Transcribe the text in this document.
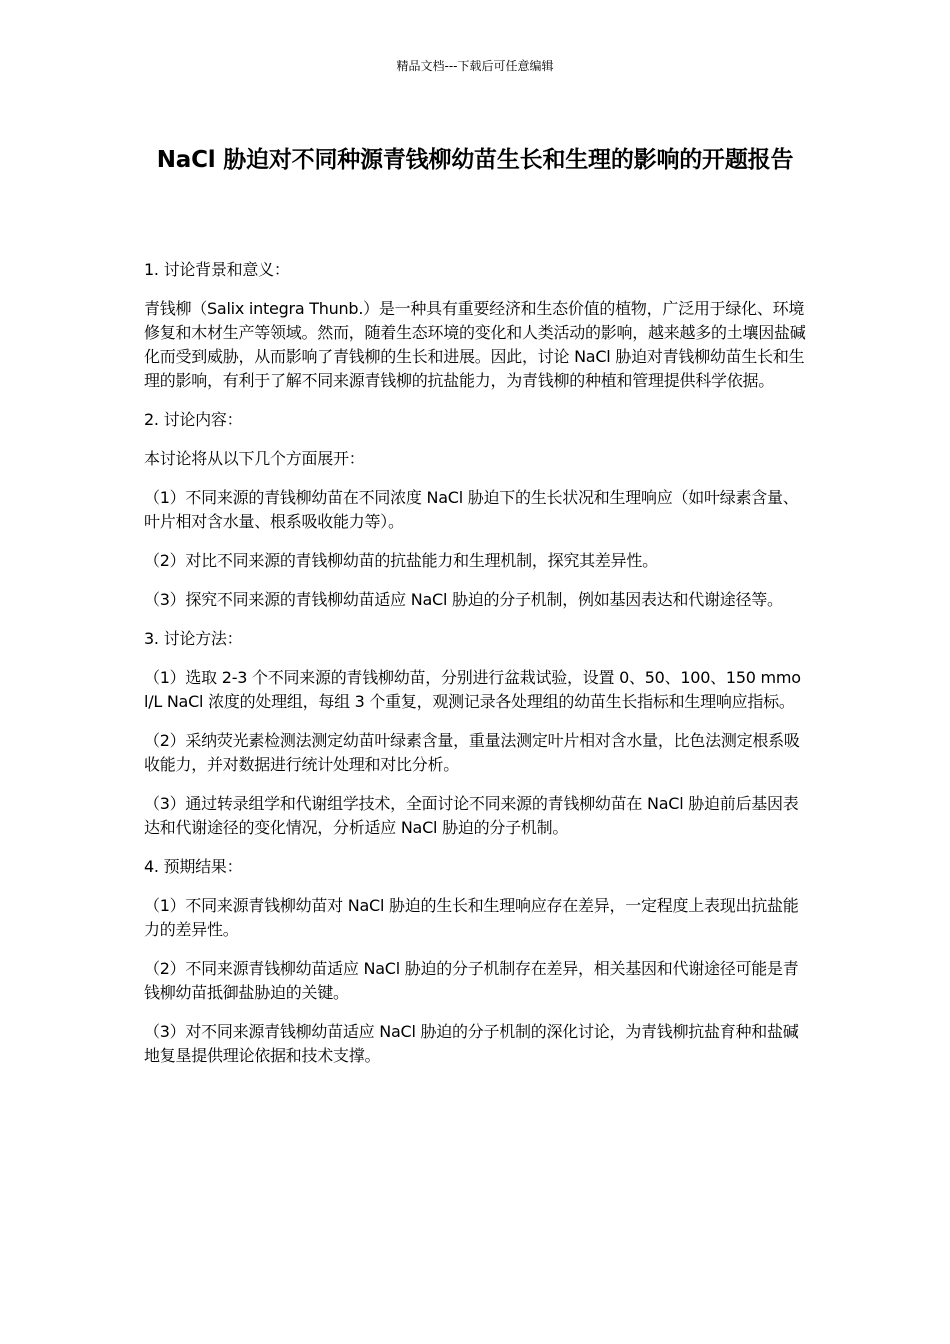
精品文档---下载后可任意编辑
NaCl 胁迫对不同种源青钱柳幼苗生长和生理的影响的开题报告

1. 讨论背景和意义：

青钱柳（Salix integra Thunb.）是一种具有重要经济和生态价值的植物，广泛用于绿化、环境修复和木材生产等领域。然而，随着生态环境的变化和人类活动的影响，越来越多的土壤因盐碱化而受到威胁，从而影响了青钱柳的生长和进展。因此，讨论 NaCl 胁迫对青钱柳幼苗生长和生理的影响，有利于了解不同来源青钱柳的抗盐能力，为青钱柳的种植和管理提供科学依据。

2. 讨论内容：

本讨论将从以下几个方面展开：

（1）不同来源的青钱柳幼苗在不同浓度 NaCl 胁迫下的生长状况和生理响应（如叶绿素含量、叶片相对含水量、根系吸收能力等）。

（2）对比不同来源的青钱柳幼苗的抗盐能力和生理机制，探究其差异性。

（3）探究不同来源的青钱柳幼苗适应 NaCl 胁迫的分子机制，例如基因表达和代谢途径等。

3. 讨论方法：

（1）选取 2-3 个不同来源的青钱柳幼苗，分别进行盆栽试验，设置 0、50、100、150 mmol/L NaCl 浓度的处理组，每组 3 个重复，观测记录各处理组的幼苗生长指标和生理响应指标。

（2）采纳荧光素检测法测定幼苗叶绿素含量，重量法测定叶片相对含水量，比色法测定根系吸收能力，并对数据进行统计处理和对比分析。

（3）通过转录组学和代谢组学技术，全面讨论不同来源的青钱柳幼苗在 NaCl 胁迫前后基因表达和代谢途径的变化情况，分析适应 NaCl 胁迫的分子机制。

4. 预期结果：

（1）不同来源青钱柳幼苗对 NaCl 胁迫的生长和生理响应存在差异，一定程度上表现出抗盐能力的差异性。

（2）不同来源青钱柳幼苗适应 NaCl 胁迫的分子机制存在差异，相关基因和代谢途径可能是青钱柳幼苗抵御盐胁迫的关键。

（3）对不同来源青钱柳幼苗适应 NaCl 胁迫的分子机制的深化讨论，为青钱柳抗盐育种和盐碱地复垦提供理论依据和技术支撑。
